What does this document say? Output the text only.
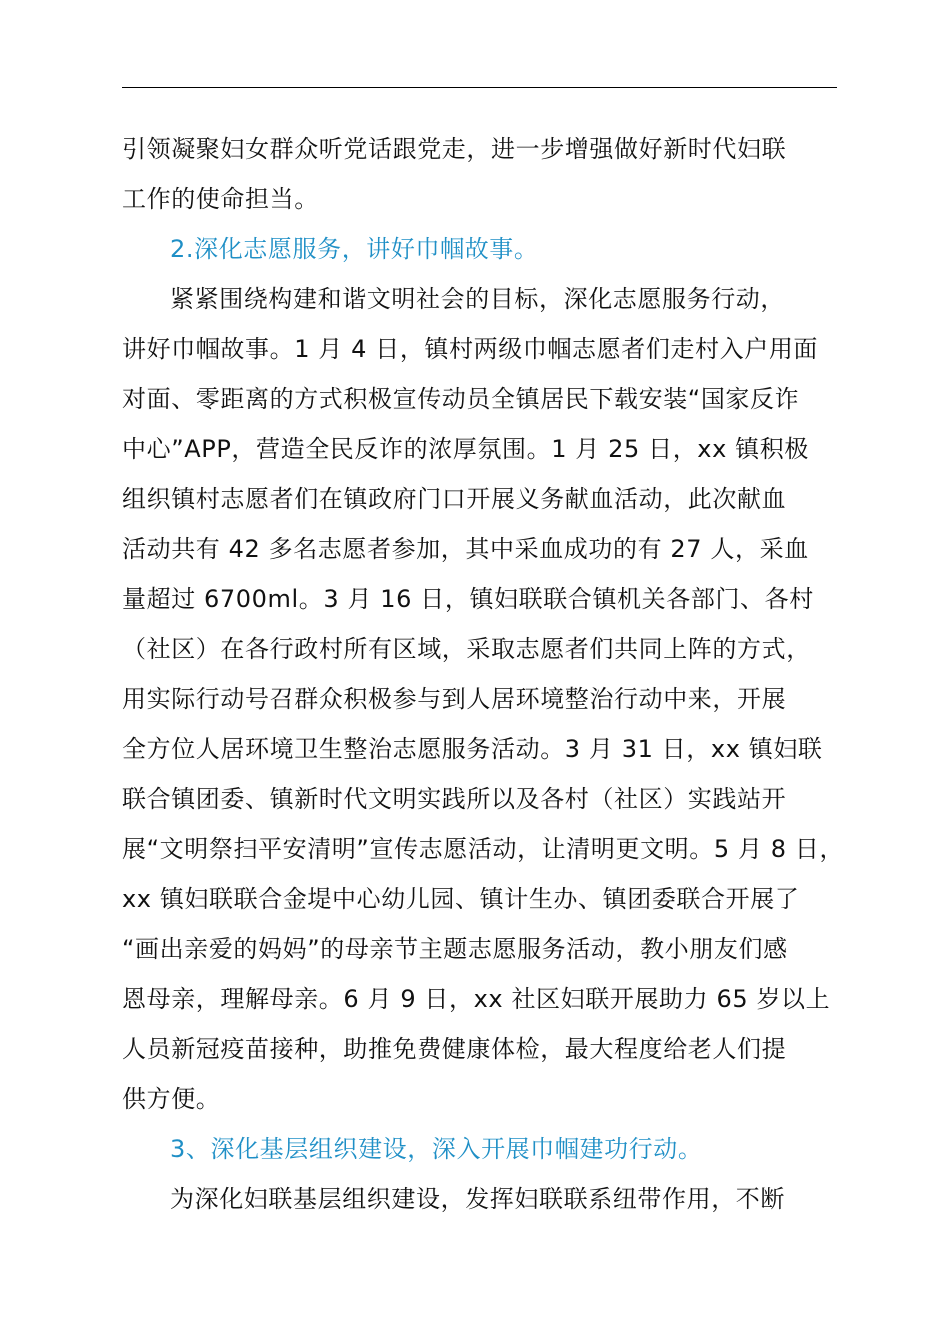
引领凝聚妇女群众听党话跟党走，进一步增强做好新时代妇联
工作的使命担当。
2.深化志愿服务，讲好巾帼故事。
紧紧围绕构建和谐文明社会的目标，深化志愿服务行动，
讲好巾帼故事。1 月 4 日，镇村两级巾帼志愿者们走村入户用面
对面、零距离的方式积极宣传动员全镇居民下载安装“国家反诈
中心”APP，营造全民反诈的浓厚氛围。1 月 25 日，xx 镇积极
组织镇村志愿者们在镇政府门口开展义务献血活动，此次献血
活动共有 42 多名志愿者参加，其中采血成功的有 27 人，采血
量超过 6700ml。3 月 16 日，镇妇联联合镇机关各部门、各村
（社区）在各行政村所有区域，采取志愿者们共同上阵的方式，
用实际行动号召群众积极参与到人居环境整治行动中来，开展
全方位人居环境卫生整治志愿服务活动。3 月 31 日，xx 镇妇联
联合镇团委、镇新时代文明实践所以及各村（社区）实践站开
展“文明祭扫平安清明”宣传志愿活动，让清明更文明。5 月 8 日，
xx 镇妇联联合金堤中心幼儿园、镇计生办、镇团委联合开展了
“画出亲爱的妈妈”的母亲节主题志愿服务活动，教小朋友们感
恩母亲，理解母亲。6 月 9 日，xx 社区妇联开展助力 65 岁以上
人员新冠疫苗接种，助推免费健康体检，最大程度给老人们提
供方便。
3、深化基层组织建设，深入开展巾帼建功行动。
为深化妇联基层组织建设，发挥妇联联系纽带作用，不断
